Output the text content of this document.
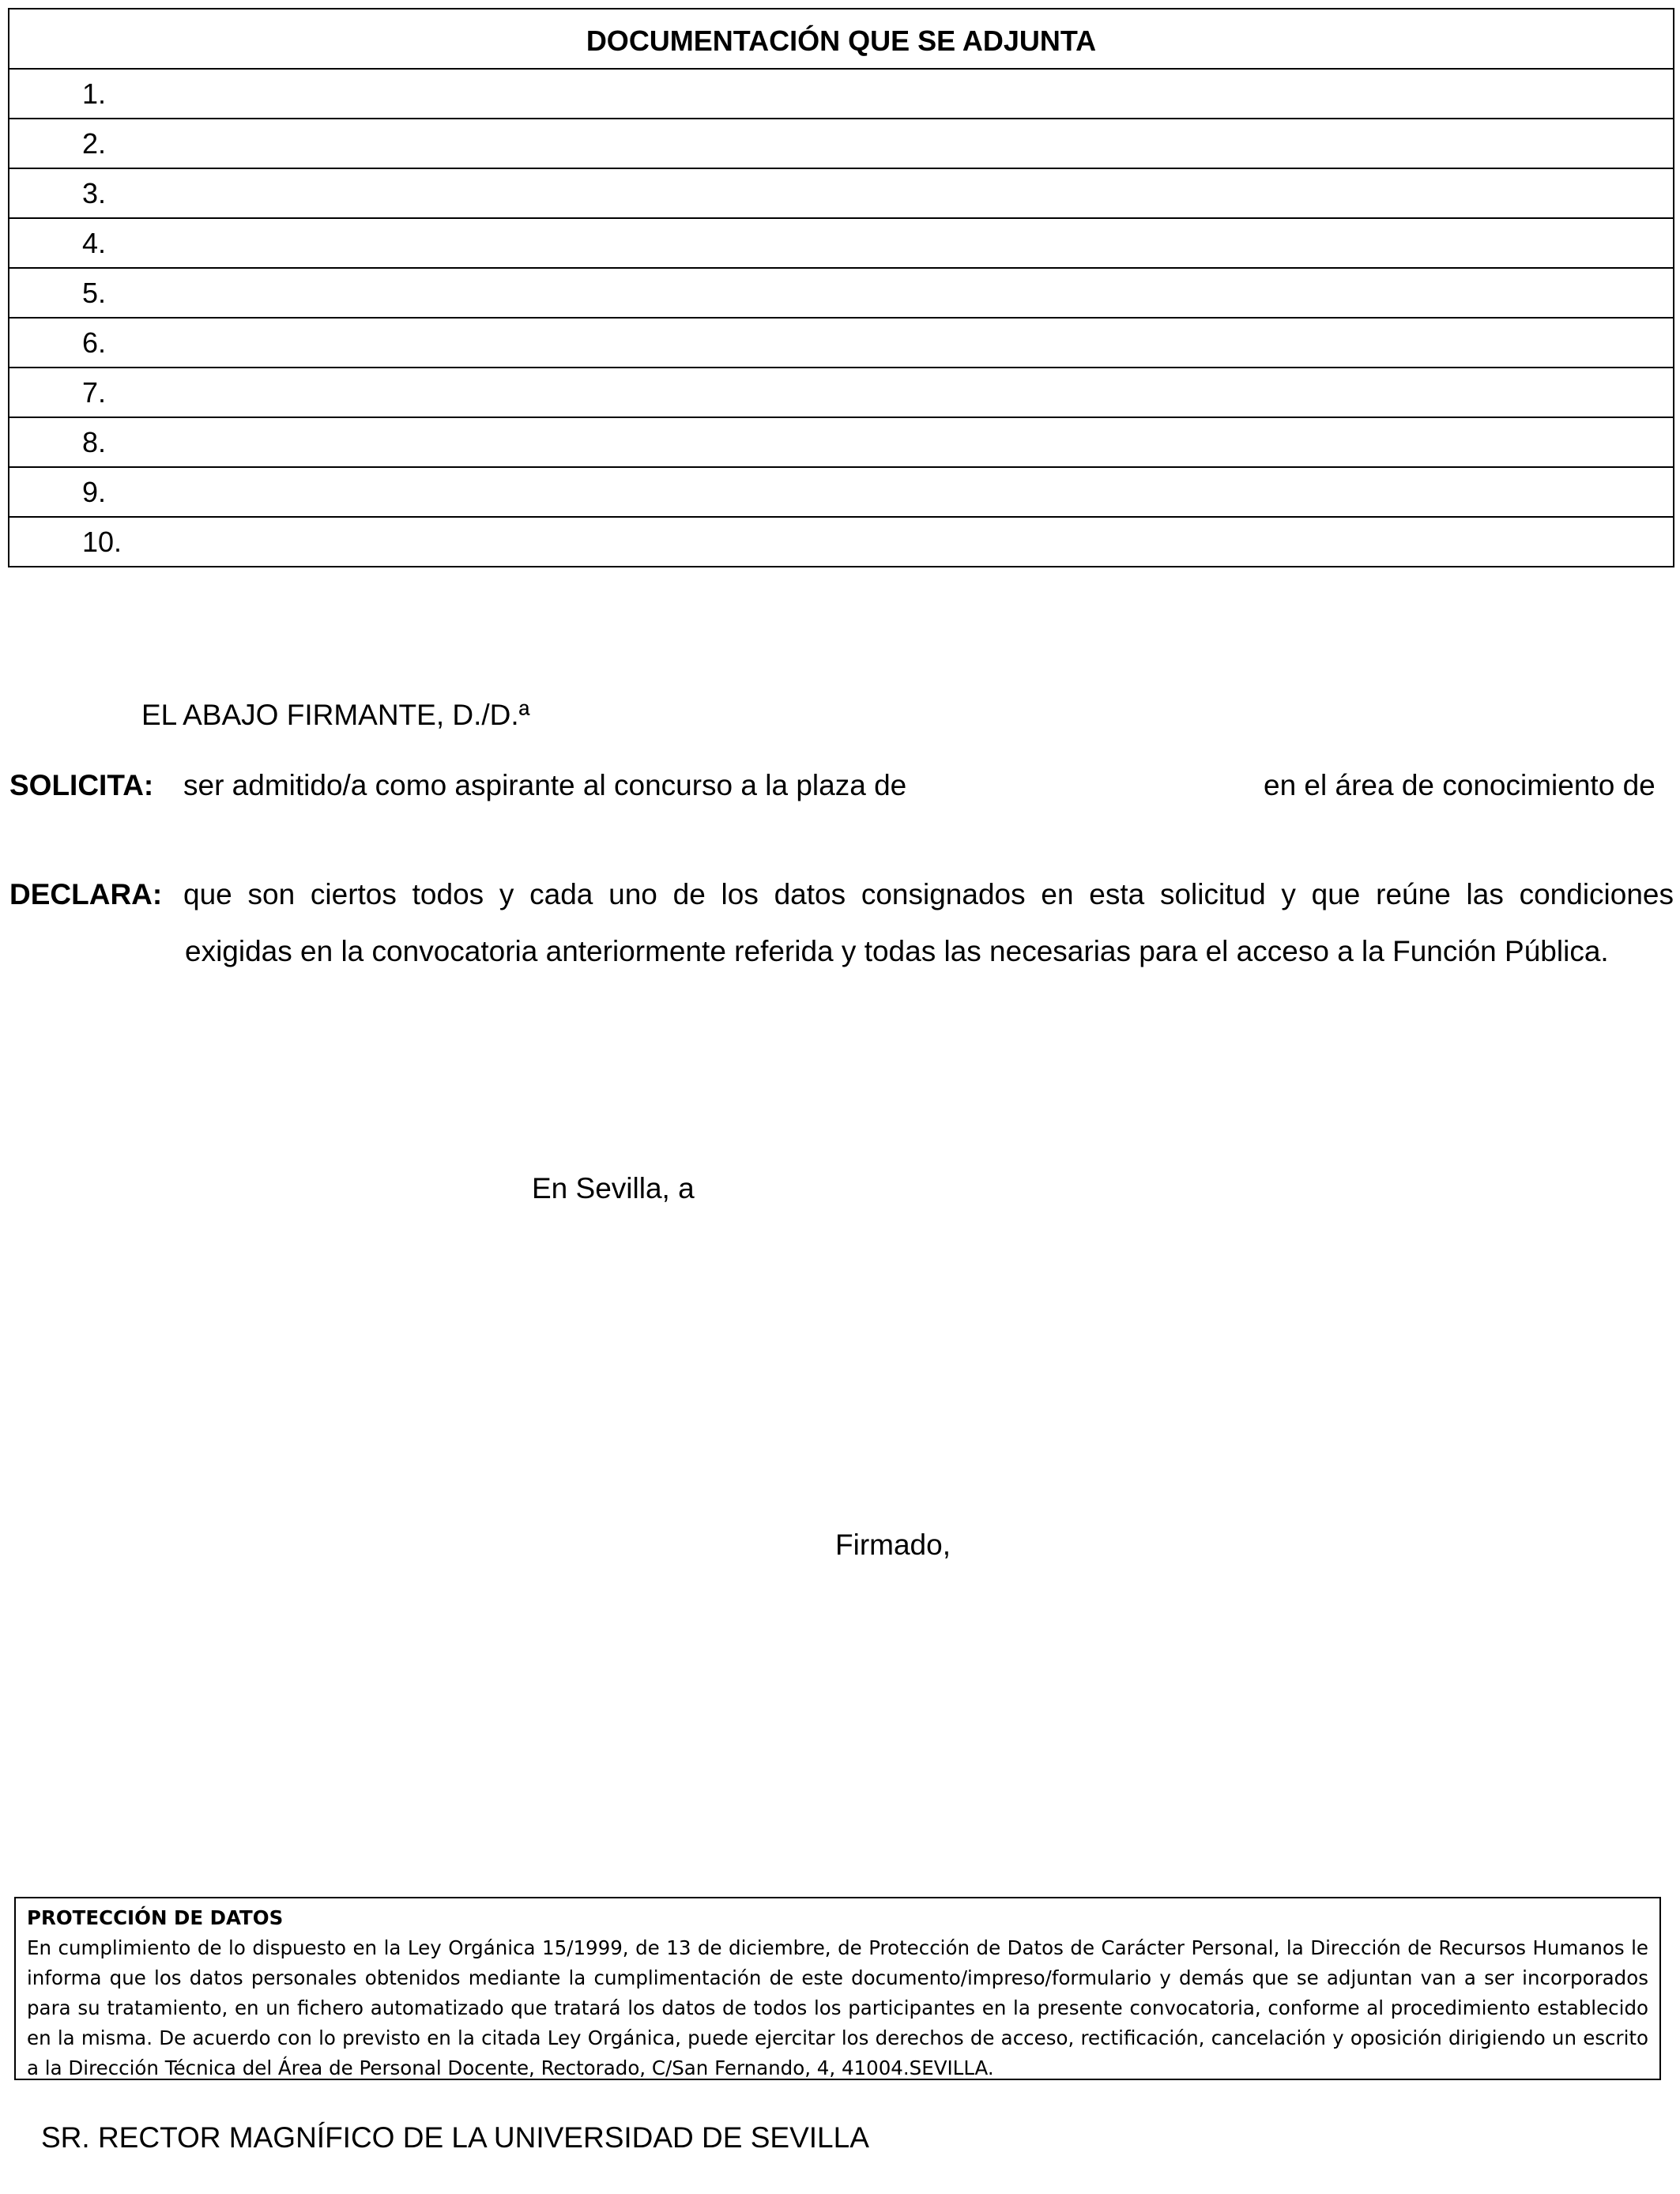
DOCUMENTACIÓN QUE SE ADJUNTA
1.
2.
3.
4.
5.
6.
7.
8.
9.
10.
EL ABAJO FIRMANTE, D./D.ª
SOLICITA: ser admitido/a como aspirante al concurso a la plaza de	en el área de conocimiento de
DECLARA: que son ciertos todos y cada uno de los datos consignados en esta solicitud y que reúne las condiciones
exigidas en la convocatoria anteriormente referida y todas las necesarias para el acceso a la Función Pública.
En Sevilla, a
Firmado,
PROTECCIÓN DE DATOS
En cumplimiento de lo dispuesto en la Ley Orgánica 15/1999, de 13 de diciembre, de Protección de Datos de Carácter Personal, la Dirección de Recursos Humanos le informa que los datos personales obtenidos mediante la cumplimentación de este documento/impreso/formulario y demás que se adjuntan van a ser incorporados para su tratamiento, en un fichero automatizado que tratará los datos de todos los participantes en la presente convocatoria, conforme al procedimiento establecido en la misma. De acuerdo con lo previsto en la citada Ley Orgánica, puede ejercitar los derechos de acceso, rectificación, cancelación y oposición dirigiendo un escrito a la Dirección Técnica del Área de Personal Docente, Rectorado, C/San Fernando, 4, 41004.SEVILLA.
SR. RECTOR MAGNÍFICO DE LA UNIVERSIDAD DE SEVILLA
